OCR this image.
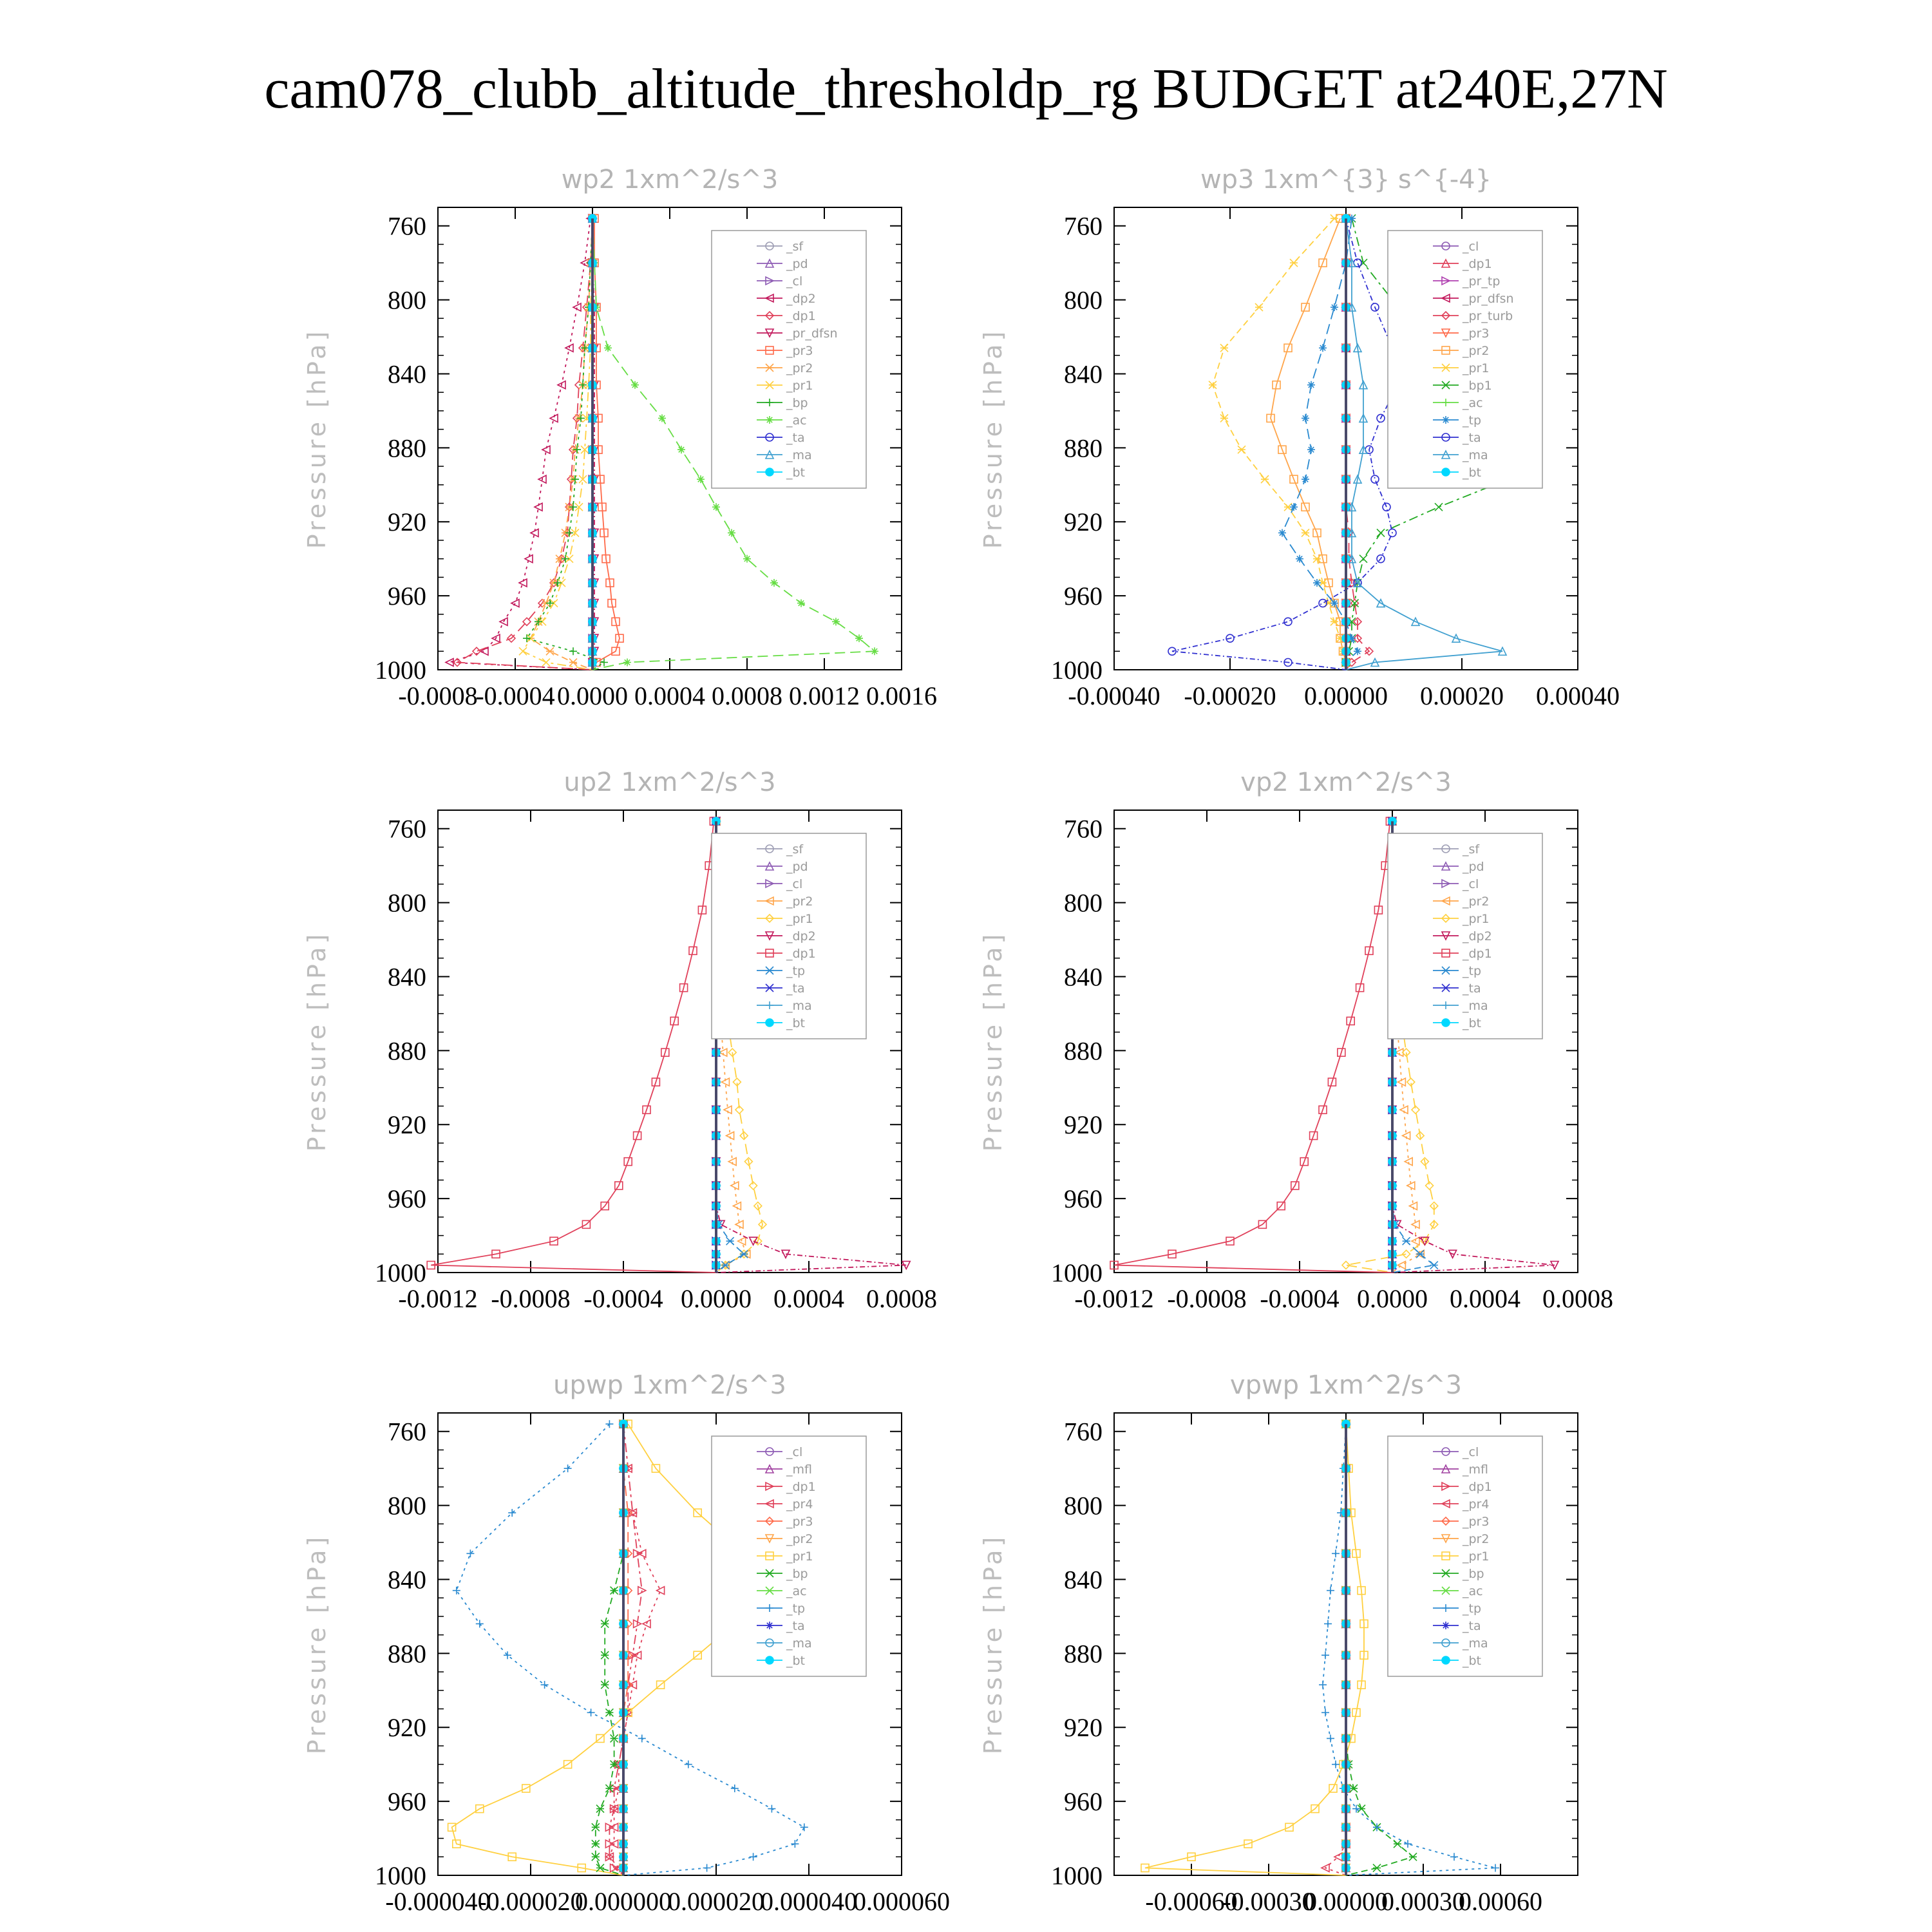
cam078_clubb_altitude_thresholdp_rg BUDGET at240E,27N
wp2 1xm^2/s^3
Pressure [hPa]
760
800
840
880
920
960
1000
-0.0008
-0.0004 0.0000 0.0004 0.0008 0.0012 0.0016
_sf
_pd
_cl
_dp2
_dp1
_pr_dfsn
_pr3
_pr2
_pr1
_bp
_ac
_ta
_ma
_bt
wp3 1xm^{3} s^{-4}
Pressure [hPa]
760
800
840
880
920
960
1000
-0.00040 -0.00020 0.00000 0.00020 0.00040
_cl
_dp1
_pr_tp
_pr_dfsn
_pr_turb
_pr3
_pr2
_pr1
_bp1
_ac
_tp
_ta
_ma
_bt
up2 1xm^2/s^3
Pressure [hPa]
760
800
840
880
920
960
1000
-0.0012 -0.0008 -0.0004 0.0000 0.0004 0.0008
_sf
_pd
_cl
_pr2
_pr1
_dp2
_dp1
_tp
_ta
_ma
_bt
vp2 1xm^2/s^3
Pressure [hPa]
760
800
840
880
920
960
1000
-0.0012 -0.0008 -0.0004 0.0000 0.0004 0.0008
_sf
_pd
_cl
_pr2
_pr1
_dp2
_dp1
_tp
_ta
_ma
_bt
upwp 1xm^2/s^3
Pressure [hPa]
760
800
840
880
920
960
1000
-0.000040
-0.000020
0.000000
0.000020
0.000040
0.000060
_cl
_mfl
_dp1
_pr4
_pr3
_pr2
_pr1
_bp
_ac
_tp
_ta
_ma
_bt
vpwp 1xm^2/s^3
Pressure [hPa]
760
800
840
880
920
960
1000
-0.00060
-0.00030
0.00000
0.00030
0.00060
_cl
_mfl
_dp1
_pr4
_pr3
_pr2
_pr1
_bp
_ac
_tp
_ta
_ma
_bt
